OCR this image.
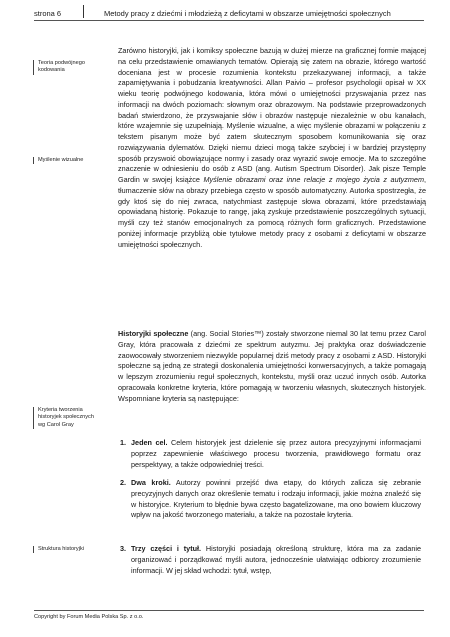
strona 6	Metody pracy z dziećmi i młodzieżą z deficytami w obszarze umiejętności społecznych
Teoria podwójnego kodowania
Myślenie wizualne
Kryteria tworzenia historyjek społecznych wg Carol Gray
Struktura historyjki

Zarówno historyjki, jak i komiksy społeczne bazują w dużej mierze na graficznej formie mającej na celu przedstawienie omawianych tematów. Opierają się zatem na obrazie, którego wartość doceniana jest w procesie rozumienia kontekstu przekazywanej informacji, a także zapamiętywania i pobudzania kreatywności. Allan Paivio – profesor psychologii opisał w XX wieku teorię podwójnego kodowania, która mówi o umiejętności przyswajania przez nas informacji na dwóch poziomach: słownym oraz obrazowym. Na podstawie przeprowadzonych badań stwierdzono, że przyswajanie słów i obrazów następuje niezależnie w obu kanałach, które wzajemnie się uzupełniają. Myślenie wizualne, a więc myślenie obrazami w połączeniu z tekstem pisanym może być zatem skutecznym sposobem komunikowania się oraz rozwiązywania dylematów. Dzięki niemu dzieci mogą także szybciej i w bardziej przystępny sposób przyswoić obowiązujące normy i zasady oraz wyrazić swoje emocje. Ma to szczególne znaczenie w odniesieniu do osób z ASD (ang. Autism Spectrum Disorder). Jak pisze Temple Gardin w swojej książce Myślenie obrazami oraz inne relacje z mojego życia z autyzmem, tłumaczenie słów na obrazy przebiega często w sposób automatyczny. Autorka spostrzegła, że gdy ktoś się do niej zwraca, natychmiast zastępuje słowa obrazami, które przedstawiają opowiadaną historię. Pokazuje to rangę, jaką zyskuje przedstawienie poszczególnych sytuacji, myśli czy też stanów emocjonalnych za pomocą różnych form graficznych. Przedstawione poniżej informacje przybliżą obie tytułowe metody pracy z osobami z deficytami w obszarze umiejętności społecznych.

Historyjki społeczne (ang. Social Stories™) zostały stworzone niemal 30 lat temu przez Carol Gray, która pracowała z dziećmi ze spektrum autyzmu. Jej praktyka oraz doświadczenie zaowocowały stworzeniem niezwykle popularnej dziś metody pracy z osobami z ASD. Historyjki społeczne są jedną ze strategii doskonalenia umiejętności konwersacyjnych, a także pomagają w lepszym zrozumieniu reguł społecznych, kontekstu, myśli oraz uczuć innych osób. Autorka opracowała konkretne kryteria, które pomagają w tworzeniu własnych, skutecznych historyjek. Wspomniane kryteria są następujące:

1. Jeden cel. Celem historyjek jest dzielenie się przez autora precyzyjnymi informacjami poprzez zapewnienie właściwego procesu tworzenia, prawidłowego formatu oraz perspektywy, a także odpowiedniej treści.
2. Dwa kroki. Autorzy powinni przejść dwa etapy, do których zalicza się zebranie precyzyjnych danych oraz określenie tematu i rodzaju informacji, jakie można znaleźć się w historyjce. Kryterium to błędnie bywa często bagatelizowane, ma ono bowiem kluczowy wpływ na jakość tworzonego materiału, a także na pozostałe kryteria.
3. Trzy części i tytuł. Historyjki posiadają określoną strukturę, która ma za zadanie organizować i porządkować myśli autora, jednocześnie ułatwiając odbiorcy zrozumienie informacji. W jej skład wchodzi: tytuł, wstęp,
Copyright by Forum Media Polska Sp. z o.o.
